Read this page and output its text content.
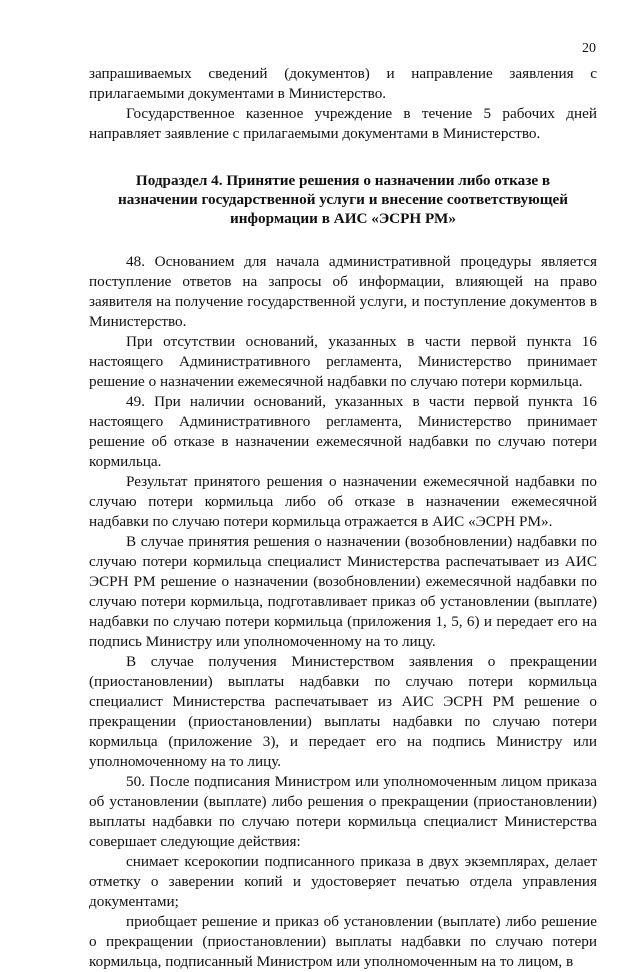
20

запрашиваемых сведений (документов) и направление заявления с прилагаемыми документами в Министерство.

Государственное казенное учреждение в течение 5 рабочих дней направляет заявление с прилагаемыми документами в Министерство.

Подраздел 4. Принятие решения о назначении либо отказе в назначении государственной услуги и внесение соответствующей информации в АИС «ЭСРН РМ»

48. Основанием для начала административной процедуры является поступление ответов на запросы об информации, влияющей на право заявителя на получение государственной услуги, и поступление документов в Министерство.

При отсутствии оснований, указанных в части первой пункта 16 настоящего Административного регламента, Министерство принимает решение о назначении ежемесячной надбавки по случаю потери кормильца.

49. При наличии оснований, указанных в части первой пункта 16 настоящего Административного регламента, Министерство принимает решение об отказе в назначении ежемесячной надбавки по случаю потери кормильца.

Результат принятого решения о назначении ежемесячной надбавки по случаю потери кормильца либо об отказе в назначении ежемесячной надбавки по случаю потери кормильца отражается в АИС «ЭСРН РМ».

В случае принятия решения о назначении (возобновлении) надбавки по случаю потери кормильца специалист Министерства распечатывает из АИС ЭСРН РМ решение о назначении (возобновлении) ежемесячной надбавки по случаю потери кормильца, подготавливает приказ об установлении (выплате) надбавки по случаю потери кормильца (приложения 1, 5, 6) и передает его на подпись Министру или уполномоченному на то лицу.

В случае получения Министерством заявления о прекращении (приостановлении) выплаты надбавки по случаю потери кормильца специалист Министерства распечатывает из АИС ЭСРН РМ решение о прекращении (приостановлении) выплаты надбавки по случаю потери кормильца (приложение 3), и передает его на подпись Министру или уполномоченному на то лицу.

50. После подписания Министром или уполномоченным лицом приказа об установлении (выплате) либо решения о прекращении (приостановлении) выплаты надбавки по случаю потери кормильца специалист Министерства совершает следующие действия:

снимает ксерокопии подписанного приказа в двух экземплярах, делает отметку о заверении копий и удостоверяет печатью отдела управления документами;

приобщает решение и приказ об установлении (выплате) либо решение о прекращении (приостановлении) выплаты надбавки по случаю потери кормильца, подписанный Министром или уполномоченным на то лицом, в
